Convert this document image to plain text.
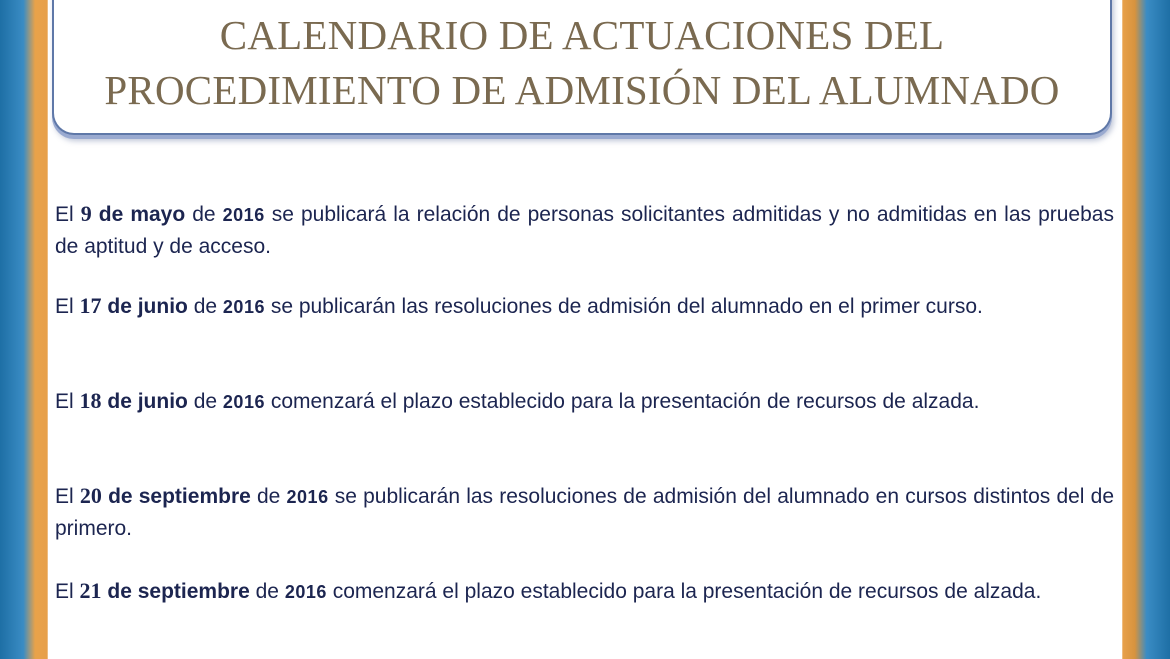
CALENDARIO DE ACTUACIONES DEL
PROCEDIMIENTO DE ADMISIÓN DEL ALUMNADO

El 9 de mayo de 2016 se publicará la relación de personas solicitantes admitidas y no admitidas en las pruebas de aptitud y de acceso.

El 17 de junio de 2016 se publicarán las resoluciones de admisión del alumnado en el primer curso.

El 18 de junio de 2016 comenzará el plazo establecido para la presentación de recursos de alzada.

El 20 de septiembre de 2016 se publicarán las resoluciones de admisión del alumnado en cursos distintos del de primero.

El 21 de septiembre de 2016 comenzará el plazo establecido para la presentación de recursos de alzada.
